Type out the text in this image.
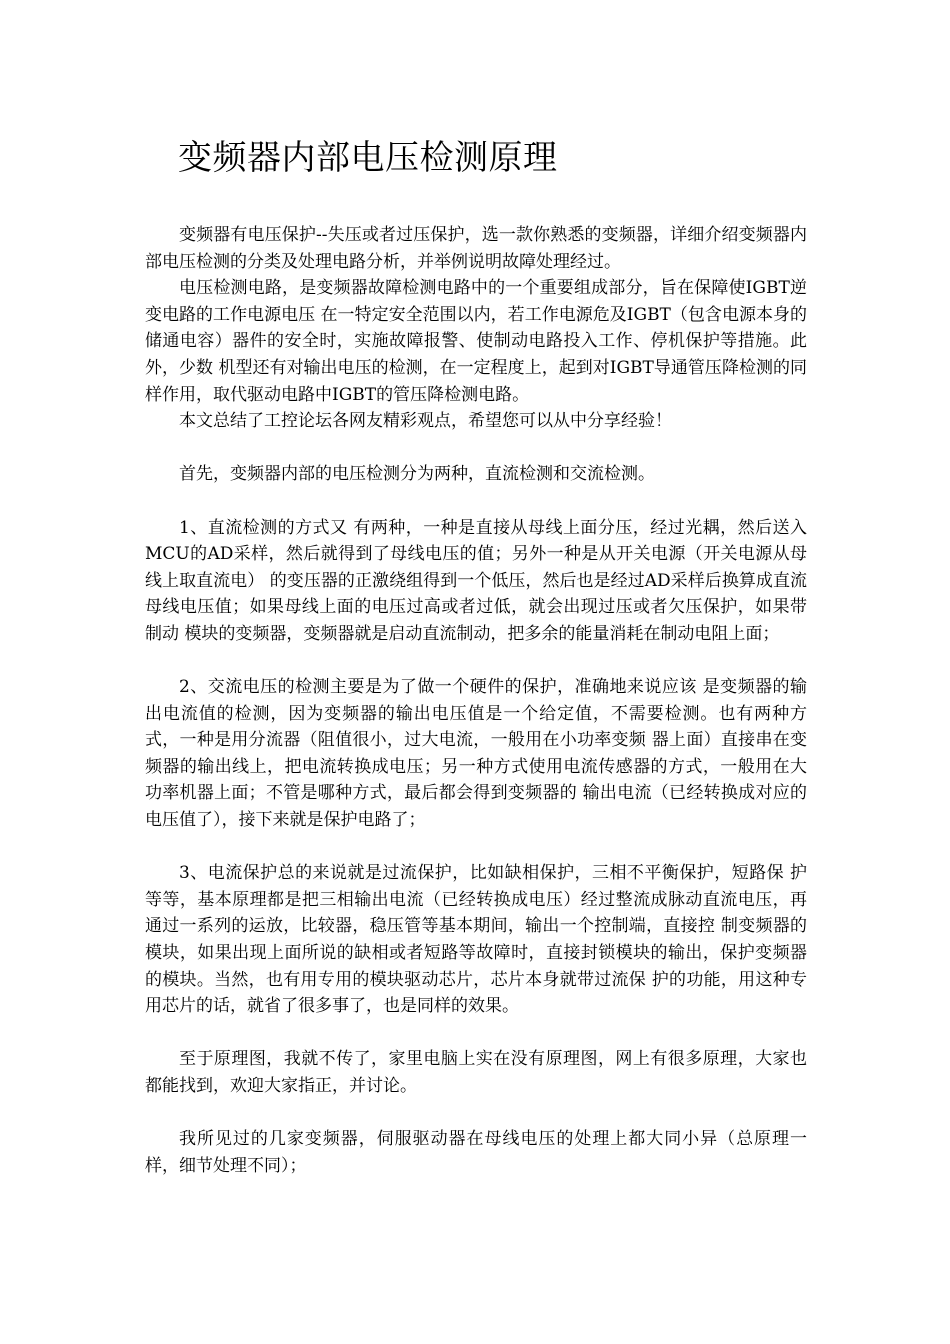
变频器内部电压检测原理

变频器有电压保护--失压或者过压保护，选一款你熟悉的变频器，详细介绍变频器内部电压检测的分类及处理电路分析，并举例说明故障处理经过。

电压检测电路，是变频器故障检测电路中的一个重要组成部分，旨在保障使IGBT逆变电路的工作电源电压 在一特定安全范围以内，若工作电源危及IGBT（包含电源本身的储通电容）器件的安全时，实施故障报警、使制动电路投入工作、停机保护等措施。此外，少数 机型还有对输出电压的检测，在一定程度上，起到对IGBT导通管压降检测的同样作用，取代驱动电路中IGBT的管压降检测电路。

本文总结了工控论坛各网友精彩观点，希望您可以从中分享经验！

首先，变频器内部的电压检测分为两种，直流检测和交流检测。

1、直流检测的方式又 有两种，一种是直接从母线上面分压，经过光耦，然后送入MCU的AD采样，然后就得到了母线电压的值；另外一种是从开关电源（开关电源从母线上取直流电） 的变压器的正激绕组得到一个低压，然后也是经过AD采样后换算成直流母线电压值；如果母线上面的电压过高或者过低，就会出现过压或者欠压保护，如果带制动 模块的变频器，变频器就是启动直流制动，把多余的能量消耗在制动电阻上面；

2、交流电压的检测主要是为了做一个硬件的保护，准确地来说应该 是变频器的输出电流值的检测，因为变频器的输出电压值是一个给定值，不需要检测。也有两种方式，一种是用分流器（阻值很小，过大电流，一般用在小功率变频 器上面）直接串在变频器的输出线上，把电流转换成电压；另一种方式使用电流传感器的方式，一般用在大功率机器上面；不管是哪种方式，最后都会得到变频器的 输出电流（已经转换成对应的电压值了），接下来就是保护电路了；

3、电流保护总的来说就是过流保护，比如缺相保护，三相不平衡保护，短路保 护等等，基本原理都是把三相输出电流（已经转换成电压）经过整流成脉动直流电压，再通过一系列的运放，比较器，稳压管等基本期间，输出一个控制端，直接控 制变频器的模块，如果出现上面所说的缺相或者短路等故障时，直接封锁模块的输出，保护变频器的模块。当然，也有用专用的模块驱动芯片，芯片本身就带过流保 护的功能，用这种专用芯片的话，就省了很多事了，也是同样的效果。

至于原理图，我就不传了，家里电脑上实在没有原理图，网上有很多原理，大家也都能找到，欢迎大家指正，并讨论。

我所见过的几家变频器，伺服驱动器在母线电压的处理上都大同小异（总原理一样，细节处理不同）；
